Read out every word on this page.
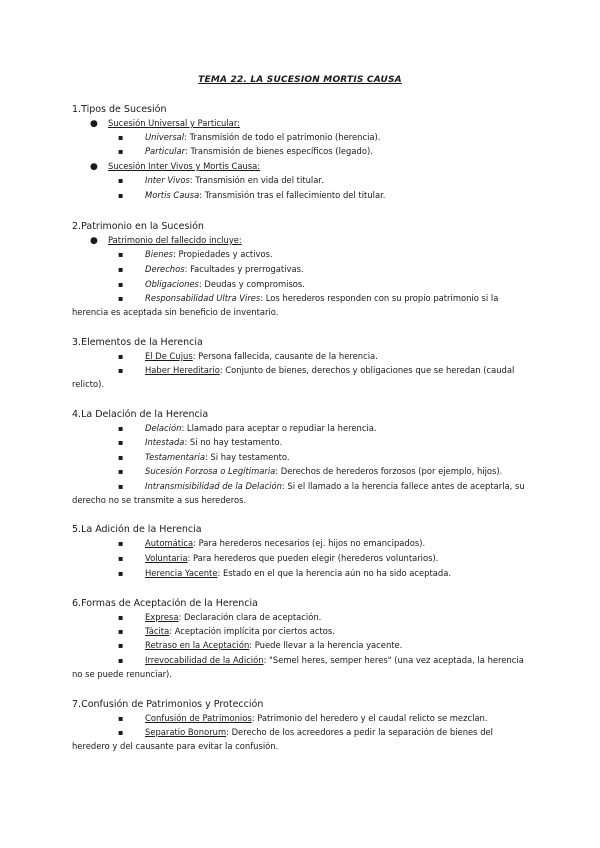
TEMA 22. LA SUCESION MORTIS CAUSA
1.Tipos de Sucesión
● Sucesión Universal y Particular:
▪	Universal: Transmisión de todo el patrimonio (herencia).
▪	Particular: Transmisión de bienes específicos (legado).
● Sucesión Inter Vivos y Mortis Causa:
▪	Inter Vivos: Transmisión en vida del titular.
▪	Mortis Causa: Transmisión tras el fallecimiento del titular.
2.Patrimonio en la Sucesión
● Patrimonio del fallecido incluye:
▪	Bienes: Propiedades y activos.
▪	Derechos: Facultades y prerrogativas.
▪	Obligaciones: Deudas y compromisos.
▪	Responsabilidad Ultra Vires: Los herederos responden con su propio patrimonio si la
herencia es aceptada sin beneficio de inventario.
3.Elementos de la Herencia
▪	El De Cujus: Persona fallecida, causante de la herencia.
▪	Haber Hereditario: Conjunto de bienes, derechos y obligaciones que se heredan (caudal
relicto).
4.La Delación de la Herencia
▪	Delación: Llamado para aceptar o repudiar la herencia.
▪	Intestada: Si no hay testamento.
▪	Testamentaria: Si hay testamento.
▪	Sucesión Forzosa o Legítimaria: Derechos de herederos forzosos (por ejemplo, hijos).
▪	Intransmisibilidad de la Delación: Si el llamado a la herencia fallece antes de aceptarla, su
derecho no se transmite a sus herederos.
5.La Adición de la Herencia
▪	Automática: Para herederos necesarios (ej. hijos no emancipados).
▪	Voluntaria: Para herederos que pueden elegir (herederos voluntarios).
▪	Herencia Yacente: Estado en el que la herencia aún no ha sido aceptada.
6.Formas de Aceptación de la Herencia
▪	Expresa: Declaración clara de aceptación.
▪	Tácita: Aceptación implícita por ciertos actos.
▪	Retraso en la Aceptación: Puede llevar a la herencia yacente.
▪	Irrevocabilidad de la Adición: "Semel heres, semper heres" (una vez aceptada, la herencia
no se puede renunciar).
7.Confusión de Patrimonios y Protección
▪	Confusión de Patrimonios: Patrimonio del heredero y el caudal relicto se mezclan.
▪	Separatio Bonorum: Derecho de los acreedores a pedir la separación de bienes del
heredero y del causante para evitar la confusión.
